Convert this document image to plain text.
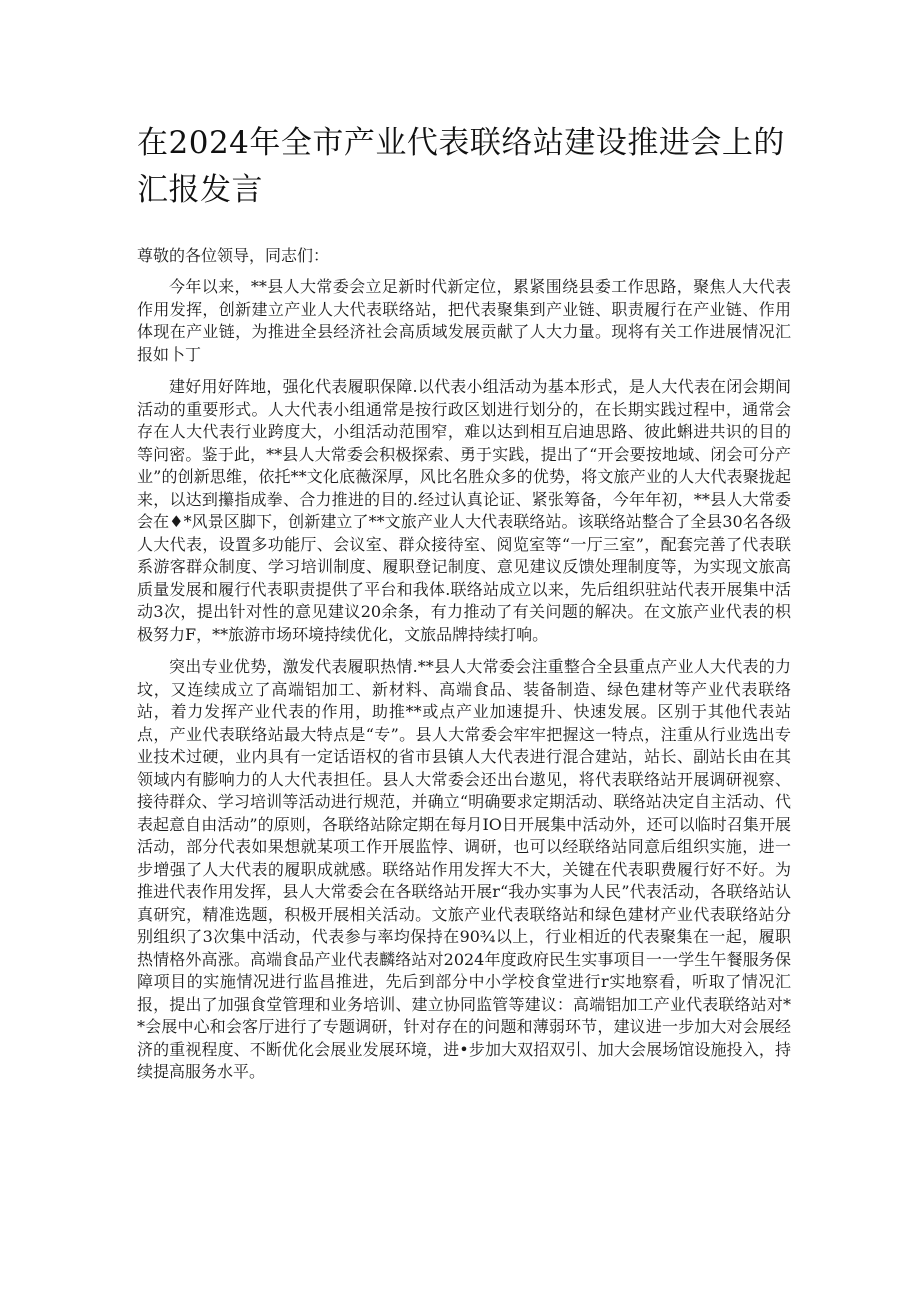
在2024年全市产业代表联络站建设推进会上的汇报发言

尊敬的各位领导，同志们：

今年以来，**县人大常委会立足新时代新定位，累紧围绕县委工作思路，聚焦人大代表作用发挥，创新建立产业人大代表联络站，把代表聚集到产业链、职责履行在产业链、作用体现在产业链，为推进全县经济社会高质域发展贡献了人大力量。现将有关工作进展情况汇报如卜丁

建好用好阵地，强化代表履职保障.以代表小组活动为基本形式，是人大代表在闭会期间活动的重要形式。人大代表小组通常是按行政区划进行划分的，在长期实践过程中，通常会存在人大代表行业跨度大，小组活动范围窄，难以达到相互启迪思路、彼此蝌进共识的目的等问密。鉴于此，**县人大常委会积极探索、勇于实践，提出了“开会要按地域、闭会可分产业”的创新思维，依托**文化底薇深厚，风比名胜众多的优势，将文旅产业的人大代表聚拢起来，以达到攥指成拳、合力推进的目的.经过认真论证、紧张筹备，今年年初，**县人大常委会在♦*风景区脚下，创新建立了**文旅产业人大代表联络站。该联络站整合了全县30名各级人大代表，设置多功能厅、会议室、群众接待室、阅览室等“一厅三室”，配套完善了代表联系游客群众制度、学习培训制度、履职登记制度、意见建议反馈处理制度等，为实现文旅高质量发展和履行代表职责提供了平台和我体.联络站成立以来，先后组织驻站代表开展集中活动3次，提出针对性的意见建议20余条，有力推动了有关问题的解决。在文旅产业代表的枳极努力F，**旅游市场环境持续优化，文旅品牌持续打响。

突出专业优势，激发代表履职热情.**县人大常委会注重整合全县重点产业人大代表的力坟，又连续成立了高端铝加工、新材料、高端食品、装备制造、绿色建材等产业代表联络站，着力发挥产业代表的作用，助推**或点产业加速提升、快速发展。区别于其他代表站点，产业代表联络站最大特点是“专”。县人大常委会牢牢把握这一特点，注重从行业选出专业技术过硬，业内具有一定话语权的省市县镇人大代表进行混合建站，站长、副站长由在其领域内有膨响力的人大代表担任。县人大常委会还出台遨见，将代表联络站开展调研视察、接待群众、学习培训等活动进行规范，并确立“明确要求定期活动、联络站决定自主活动、代表起意自由活动”的原则，各联络站除定期在每月IO日开展集中活动外，还可以临时召集开展活动，部分代表如果想就某项工作开展监悖、调研，也可以经联络站同意后组织实施，进一步增强了人大代表的履职成就感。联络站作用发挥大不大，关键在代表职费履行好不好。为推进代表作用发挥，县人大常委会在各联络站开展r“我办实事为人民”代表活动，各联络站认真研究，精准选题，积极开展相关活动。文旅产业代表联络站和绿色建材产业代表联络站分别组织了3次集中活动，代表参与率均保持在90¾以上，行业相近的代表聚集在一起，履职热情格外高涨。高端食品产业代表麟络站对2024年度政府民生实事项目一一学生午餐服务保障项目的实施情况进行监昌推进，先后到部分中小学校食堂进行r实地察看，听取了情况汇报，提出了加强食堂管理和业务培训、建立协同监管等建议：高端铝加工产业代表联络站对**会展中心和会客厅进行了专题调研，针对存在的问题和薄弱环节，建议进一步加大对会展经济的重视程度、不断优化会展业发展环境，进•步加大双招双引、加大会展场馆设施投入，持续提高服务水平。
